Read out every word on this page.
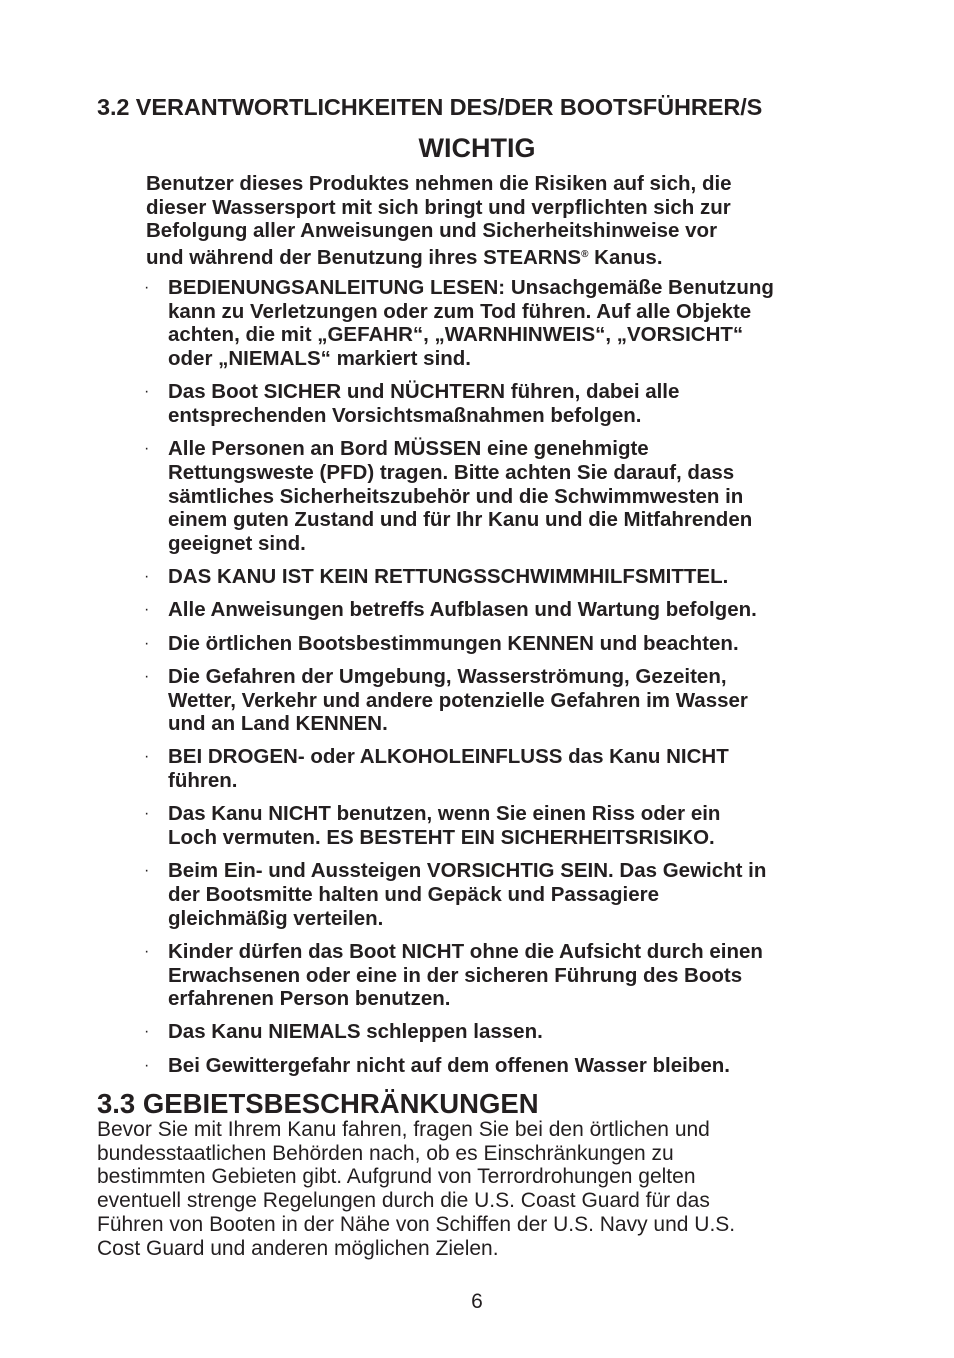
3.2 VERANTWORTLICHKEITEN DES/DER BOOTSFÜHRER/S
WICHTIG

Benutzer dieses Produktes nehmen die Risiken auf sich, die
dieser Wassersport mit sich bringt und verpflichten sich zur
Befolgung aller Anweisungen und Sicherheitshinweise vor
und während der Benutzung ihres STEARNS® Kanus.

· BEDIENUNGSANLEITUNG LESEN: Unsachgemäße Benutzung
kann zu Verletzungen oder zum Tod führen. Auf alle Objekte
achten, die mit „GEFAHR“, „WARNHINWEIS“, „VORSICHT“
oder „NIEMALS“ markiert sind.
· Das Boot SICHER und NÜCHTERN führen, dabei alle
entsprechenden Vorsichtsmaßnahmen befolgen.
· Alle Personen an Bord MÜSSEN eine genehmigte
Rettungsweste (PFD) tragen. Bitte achten Sie darauf, dass
sämtliches Sicherheitszubehör und die Schwimmwesten in
einem guten Zustand und für Ihr Kanu und die Mitfahrenden
geeignet sind.
· DAS KANU IST KEIN RETTUNGSSCHWIMMHILFSMITTEL.
· Alle Anweisungen betreffs Aufblasen und Wartung befolgen.
· Die örtlichen Bootsbestimmungen KENNEN und beachten.
· Die Gefahren der Umgebung, Wasserströmung, Gezeiten,
Wetter, Verkehr und andere potenzielle Gefahren im Wasser
und an Land KENNEN.
· BEI DROGEN- oder ALKOHOLEINFLUSS das Kanu NICHT
führen.
· Das Kanu NICHT benutzen, wenn Sie einen Riss oder ein
Loch vermuten. ES BESTEHT EIN SICHERHEITSRISIKO.
· Beim Ein- und Aussteigen VORSICHTIG SEIN. Das Gewicht in
der Bootsmitte halten und Gepäck und Passagiere
gleichmäßig verteilen.
· Kinder dürfen das Boot NICHT ohne die Aufsicht durch einen
Erwachsenen oder eine in der sicheren Führung des Boots
erfahrenen Person benutzen.
· Das Kanu NIEMALS schleppen lassen.
· Bei Gewittergefahr nicht auf dem offenen Wasser bleiben.
3.3 GEBIETSBESCHRÄNKUNGEN

Bevor Sie mit Ihrem Kanu fahren, fragen Sie bei den örtlichen und
bundesstaatlichen Behörden nach, ob es Einschränkungen zu
bestimmten Gebieten gibt. Aufgrund von Terrordrohungen gelten
eventuell strenge Regelungen durch die U.S. Coast Guard für das
Führen von Booten in der Nähe von Schiffen der U.S. Navy und U.S.
Cost Guard und anderen möglichen Zielen.

6
